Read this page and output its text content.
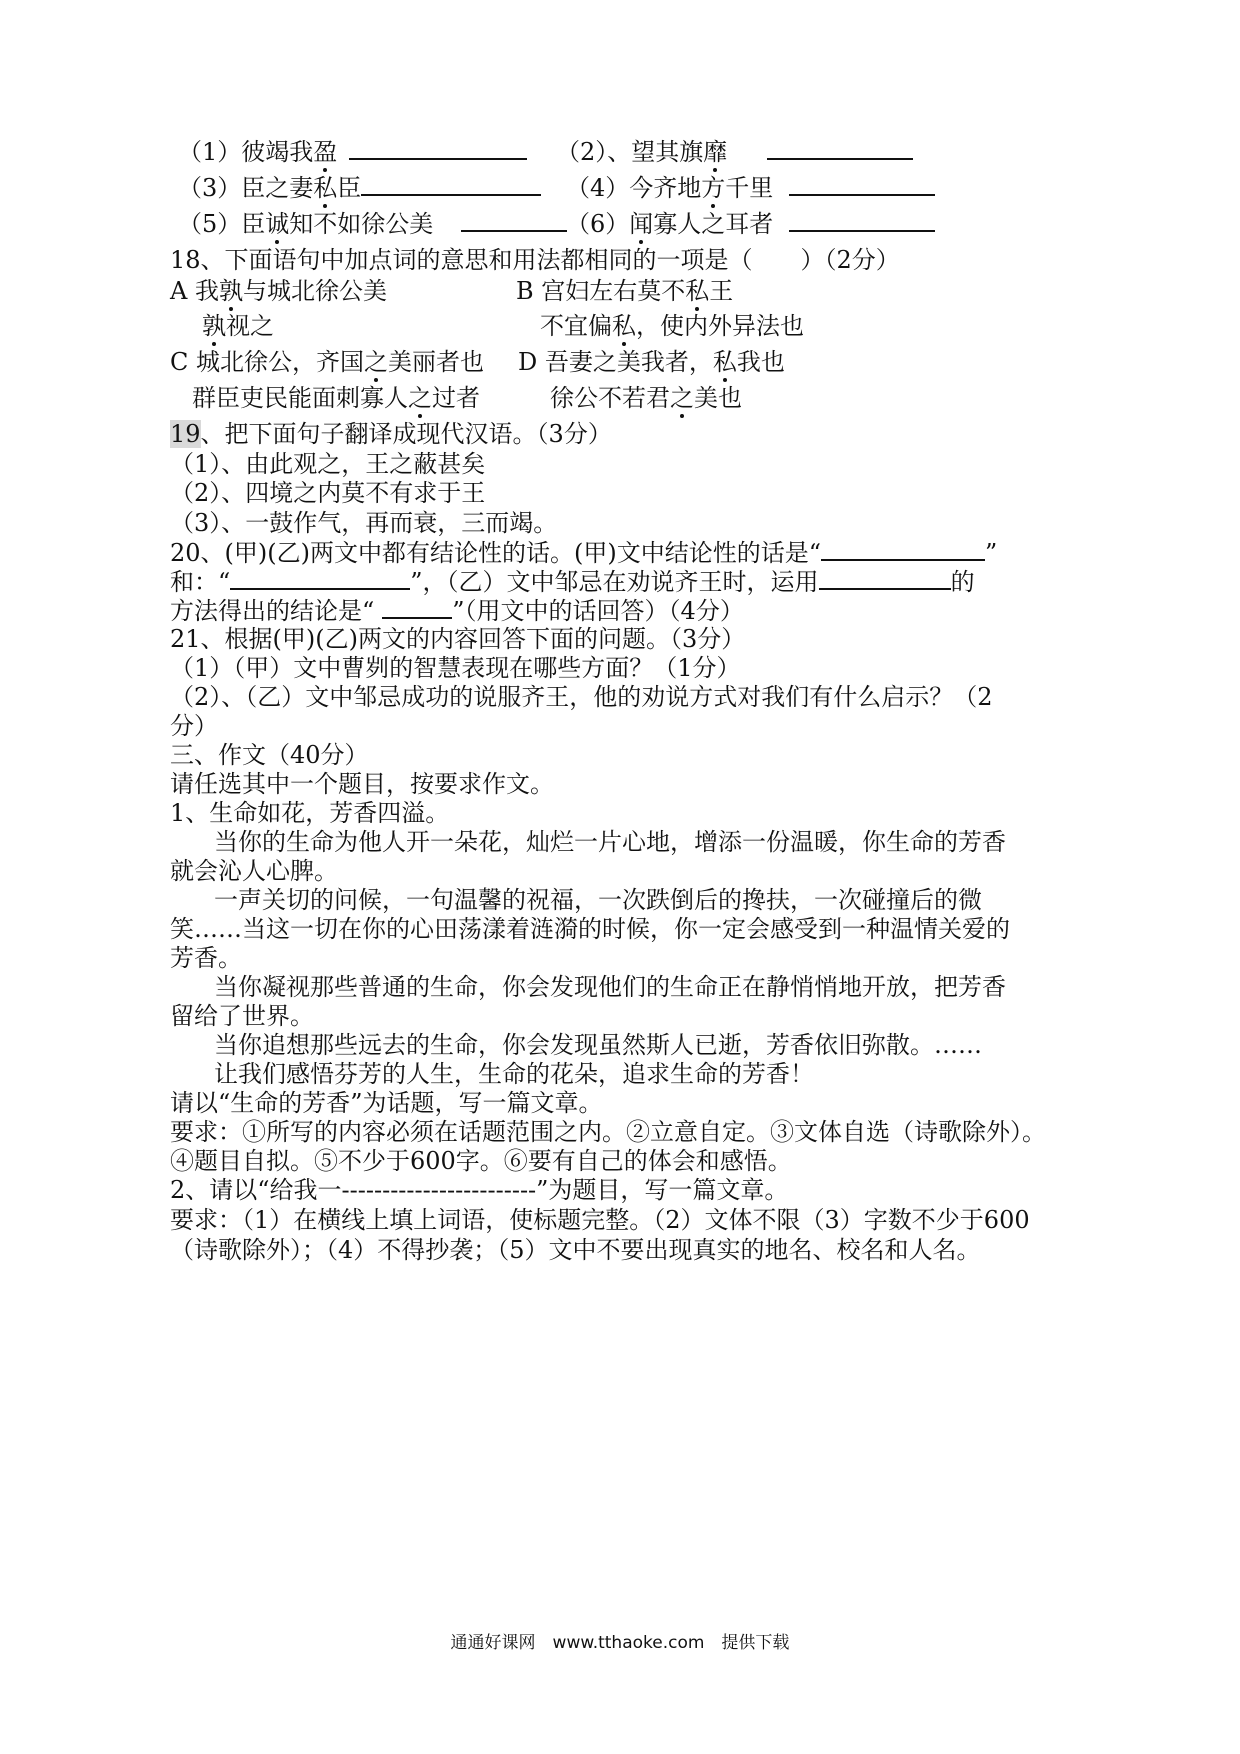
（1）彼竭我盈	（2）、望其旗靡
（3）臣之妻私臣	（4）今齐地方千里
（5）臣诚知不如徐公美	（6）闻寡人之耳者
18、下面语句中加点词的意思和用法都相同的一项是（　　）（2分）
A 我孰与城北徐公美	B 宫妇左右莫不私王
孰视之	不宜偏私，使内外异法也
C 城北徐公，齐国之美丽者也 D 吾妻之美我者，私我也
群臣吏民能面刺寡人之过者	徐公不若君之美也
19、把下面句子翻译成现代汉语。（3分）
（1）、由此观之，王之蔽甚矣
（2）、四境之内莫不有求于王
（3）、一鼓作气，再而衰，三而竭。
20、(甲)(乙)两文中都有结论性的话。(甲)文中结论性的话是“	”
和：“	”，（乙）文中邹忌在劝说齐王时，运用	的
方法得出的结论是“	”（用文中的话回答）（4分）
21、根据(甲)(乙)两文的内容回答下面的问题。（3分）
（1）（甲）文中曹刿的智慧表现在哪些方面？（1分）
（2）、（乙）文中邹忌成功的说服齐王，他的劝说方式对我们有什么启示？（2
分）
三、作文（40分）
请任选其中一个题目，按要求作文。
1、生命如花，芳香四溢。
当你的生命为他人开一朵花，灿烂一片心地，增添一份温暖，你生命的芳香
就会沁人心脾。
一声关切的问候，一句温馨的祝福，一次跌倒后的搀扶，一次碰撞后的微
笑……当这一切在你的心田荡漾着涟漪的时候，你一定会感受到一种温情关爱的
芳香。
当你凝视那些普通的生命，你会发现他们的生命正在静悄悄地开放，把芳香
留给了世界。
当你追想那些远去的生命，你会发现虽然斯人已逝，芳香依旧弥散。……
让我们感悟芬芳的人生，生命的花朵，追求生命的芳香！
请以“生命的芳香”为话题，写一篇文章。
要求：①所写的内容必须在话题范围之内。②立意自定。③文体自选（诗歌除外）。
④题目自拟。⑤不少于600字。⑥要有自己的体会和感悟。
2、请以“给我一------------------------”为题目，写一篇文章。
要求：（1）在横线上填上词语，使标题完整。（2）文体不限（3）字数不少于600
（诗歌除外）；（4）不得抄袭；（5）文中不要出现真实的地名、校名和人名。
通通好课网　www.tthaoke.com　提供下载
